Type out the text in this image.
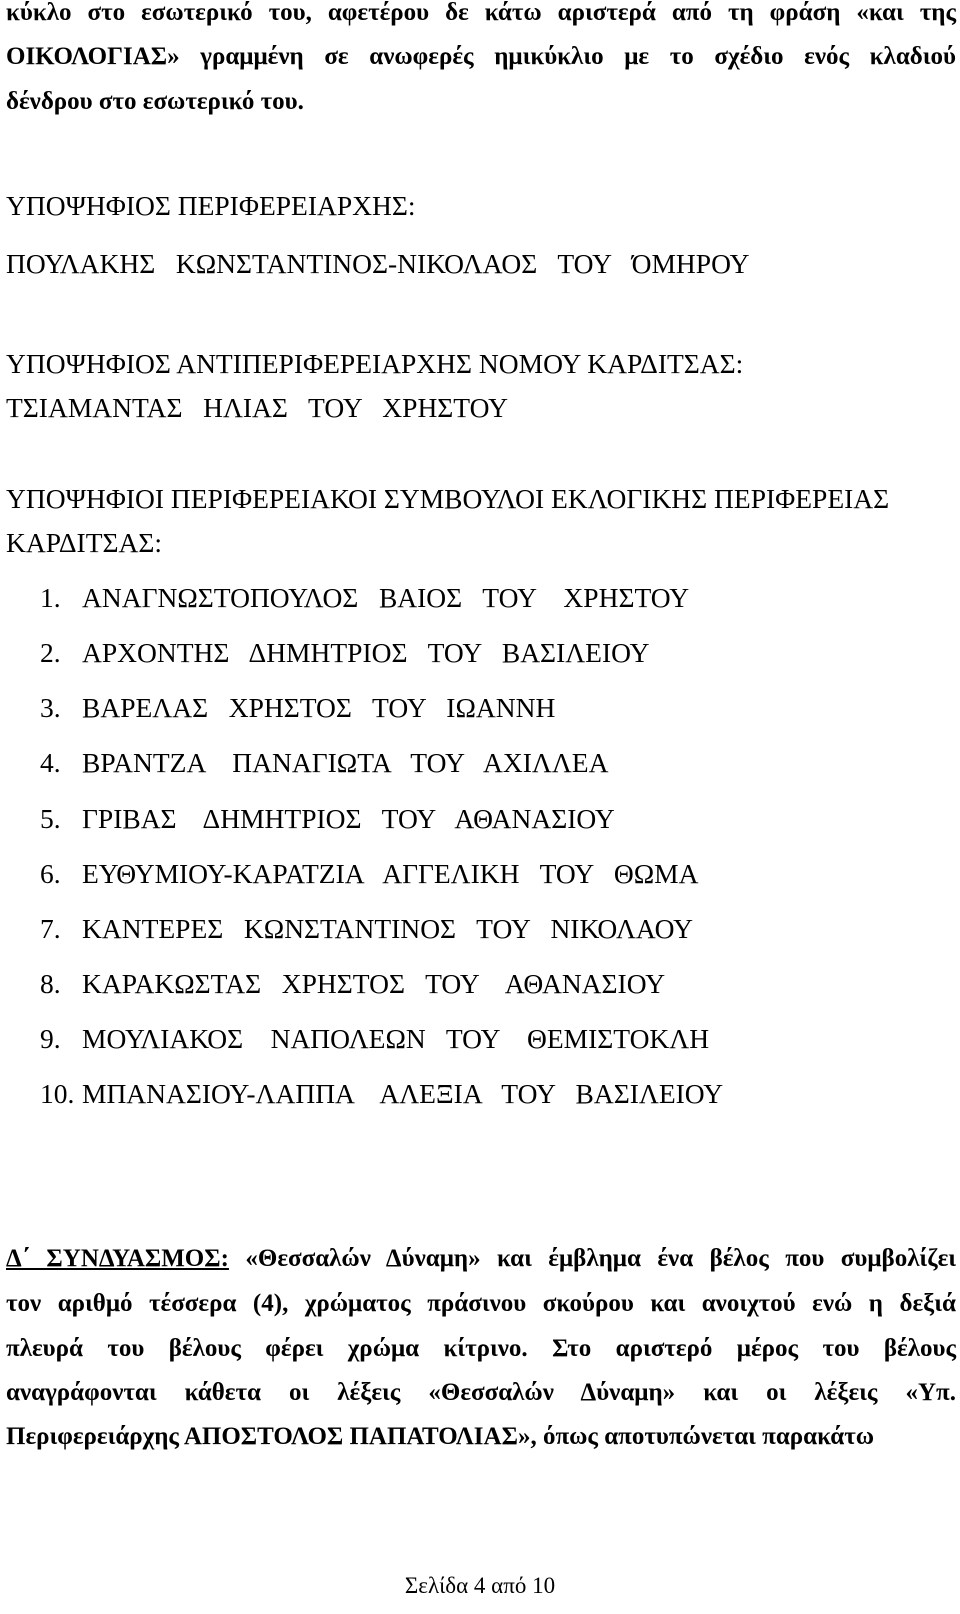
κύκλο στο εσωτερικό του, αφετέρου δε κάτω αριστερά από τη φράση «και της
ΟΙΚΟΛΟΓΙΑΣ» γραμμένη σε ανωφερές ημικύκλιο με το σχέδιο ενός κλαδιού
δένδρου στο εσωτερικό του.
ΥΠΟΨΗΦΙΟΣ ΠΕΡΙΦΕΡΕΙΑΡΧΗΣ:
ΠΟΥΛΑΚΗΣ   ΚΩΝΣΤΑΝΤΙΝΟΣ-ΝΙΚΟΛΑΟΣ   ΤΟΥ   ΌΜΗΡΟΥ
ΥΠΟΨΗΦΙΟΣ ΑΝΤΙΠΕΡΙΦΕΡΕΙΑΡΧΗΣ ΝΟΜΟΥ ΚΑΡΔΙΤΣΑΣ:
ΤΣΙΑΜΑΝΤΑΣ   ΗΛΙΑΣ   ΤΟΥ   ΧΡΗΣΤΟΥ
ΥΠΟΨΗΦΙΟΙ ΠΕΡΙΦΕΡΕΙΑΚΟΙ ΣΥΜΒΟΥΛΟΙ ΕΚΛΟΓΙΚΗΣ ΠΕΡΙΦΕΡΕΙΑΣ
ΚΑΡΔΙΤΣΑΣ:
1. ΑΝΑΓΝΩΣΤΟΠΟΥΛΟΣ   ΒΑΙΟΣ   ΤΟΥ    ΧΡΗΣΤΟΥ
2. ΑΡΧΟΝΤΗΣ   ΔΗΜΗΤΡΙΟΣ   ΤΟΥ   ΒΑΣΙΛΕΙΟΥ
3. ΒΑΡΕΛΑΣ   ΧΡΗΣΤΟΣ   ΤΟΥ   ΙΩΑΝΝΗ
4. ΒΡΑΝΤΖΑ    ΠΑΝΑΓΙΩΤΑ   ΤΟΥ   ΑΧΙΛΛΕΑ
5. ΓΡΙΒΑΣ    ΔΗΜΗΤΡΙΟΣ   ΤΟΥ   ΑΘΑΝΑΣΙΟΥ
6. ΕΥΘΥΜΙΟΥ-ΚΑΡΑΤΖΙΑ   ΑΓΓΕΛΙΚΗ   ΤΟΥ   ΘΩΜΑ
7. ΚΑΝΤΕΡΕΣ   ΚΩΝΣΤΑΝΤΙΝΟΣ   ΤΟΥ   ΝΙΚΟΛΑΟΥ
8. ΚΑΡΑΚΩΣΤΑΣ   ΧΡΗΣΤΟΣ   ΤΟΥ    ΑΘΑΝΑΣΙΟΥ
9. ΜΟΥΛΙΑΚΟΣ    ΝΑΠΟΛΕΩΝ   ΤΟΥ    ΘΕΜΙΣΤΟΚΛΗ
10. ΜΠΑΝΑΣΙΟΥ-ΛΑΠΠΑ    ΑΛΕΞΙΑ   ΤΟΥ   ΒΑΣΙΛΕΙΟΥ
Δ΄ ΣΥΝΔΥΑΣΜΟΣ: «Θεσσαλών Δύναμη» και έμβλημα ένα βέλος που συμβολίζει
τον αριθμό τέσσερα (4), χρώματος πράσινου σκούρου και ανοιχτού ενώ η δεξιά
πλευρά του βέλους φέρει χρώμα κίτρινο. Στο αριστερό μέρος του βέλους
αναγράφονται κάθετα οι λέξεις «Θεσσαλών Δύναμη» και οι λέξεις «Υπ.
Περιφερειάρχης ΑΠΟΣΤΟΛΟΣ ΠΑΠΑΤΟΛΙΑΣ», όπως αποτυπώνεται παρακάτω
Σελίδα 4 από 10
